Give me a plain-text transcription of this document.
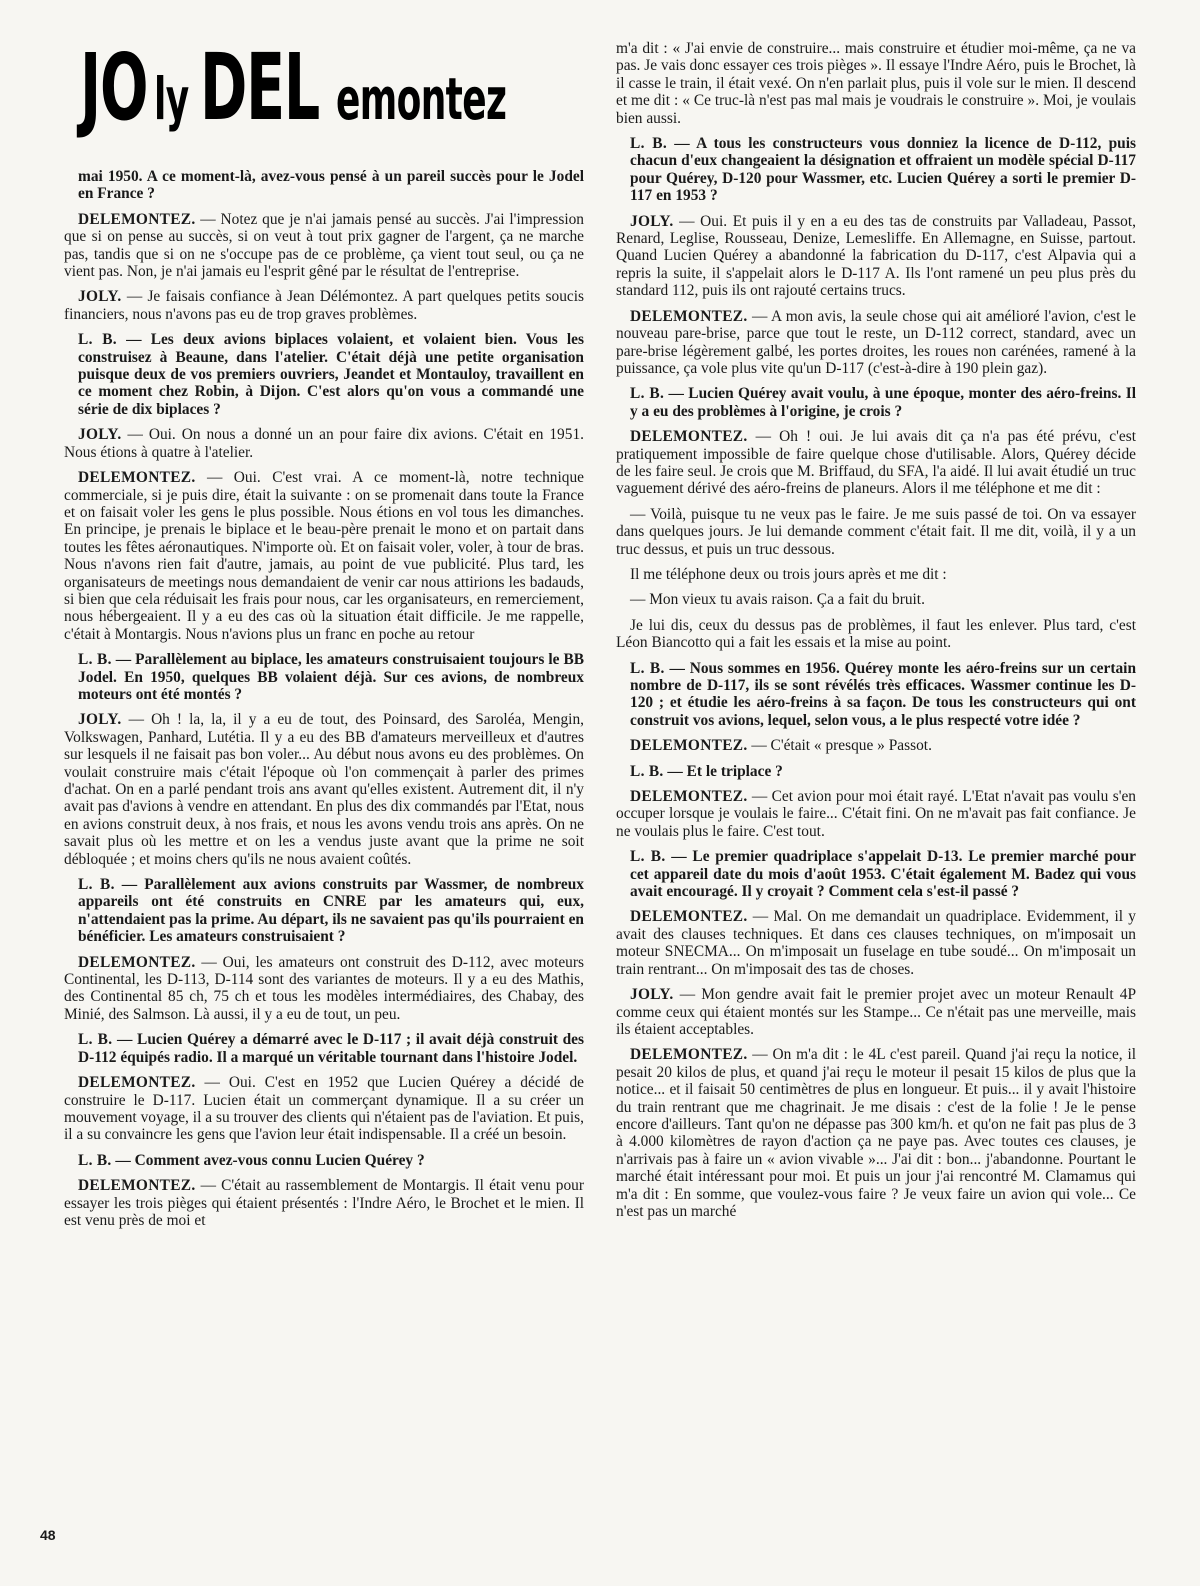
JO ly DEL emontez

mai 1950. A ce moment-là, avez-vous pensé à un pareil succès pour le Jodel en France ?

DELEMONTEZ. — Notez que je n'ai jamais pensé au succès. J'ai l'impression que si on pense au succès, si on veut à tout prix gagner de l'argent, ça ne marche pas, tandis que si on ne s'occupe pas de ce problème, ça vient tout seul, ou ça ne vient pas. Non, je n'ai jamais eu l'esprit gêné par le résultat de l'entreprise.

JOLY. — Je faisais confiance à Jean Délémontez. A part quelques petits soucis financiers, nous n'avons pas eu de trop graves problèmes.

L. B. — Les deux avions biplaces volaient, et volaient bien. Vous les construisez à Beaune, dans l'atelier. C'était déjà une petite organisation puisque deux de vos premiers ouvriers, Jeandet et Montauloy, travaillent en ce moment chez Robin, à Dijon. C'est alors qu'on vous a commandé une série de dix biplaces ?

JOLY. — Oui. On nous a donné un an pour faire dix avions. C'était en 1951. Nous étions à quatre à l'atelier.

DELEMONTEZ. — Oui. C'est vrai. A ce moment-là, notre technique commerciale, si je puis dire, était la suivante : on se promenait dans toute la France et on faisait voler les gens le plus possible. Nous étions en vol tous les dimanches. En principe, je prenais le biplace et le beau-père prenait le mono et on partait dans toutes les fêtes aéronautiques. N'importe où. Et on faisait voler, voler, à tour de bras. Nous n'avons rien fait d'autre, jamais, au point de vue publicité. Plus tard, les organisateurs de meetings nous demandaient de venir car nous attirions les badauds, si bien que cela réduisait les frais pour nous, car les organisateurs, en remerciement, nous hébergeaient. Il y a eu des cas où la situation était difficile. Je me rappelle, c'était à Montargis. Nous n'avions plus un franc en poche au retour

L. B. — Parallèlement au biplace, les amateurs construisaient toujours le BB Jodel. En 1950, quelques BB volaient déjà. Sur ces avions, de nombreux moteurs ont été montés ?

JOLY. — Oh ! la, la, il y a eu de tout, des Poinsard, des Saroléa, Mengin, Volkswagen, Panhard, Lutétia. Il y a eu des BB d'amateurs merveilleux et d'autres sur lesquels il ne faisait pas bon voler... Au début nous avons eu des problèmes. On voulait construire mais c'était l'époque où l'on commençait à parler des primes d'achat. On en a parlé pendant trois ans avant qu'elles existent. Autrement dit, il n'y avait pas d'avions à vendre en attendant. En plus des dix commandés par l'Etat, nous en avions construit deux, à nos frais, et nous les avons vendu trois ans après. On ne savait plus où les mettre et on les a vendus juste avant que la prime ne soit débloquée ; et moins chers qu'ils ne nous avaient coûtés.

L. B. — Parallèlement aux avions construits par Wassmer, de nombreux appareils ont été construits en CNRE par les amateurs qui, eux, n'attendaient pas la prime. Au départ, ils ne savaient pas qu'ils pourraient en bénéficier. Les amateurs construisaient ?

DELEMONTEZ. — Oui, les amateurs ont construit des D-112, avec moteurs Continental, les D-113, D-114 sont des variantes de moteurs. Il y a eu des Mathis, des Continental 85 ch, 75 ch et tous les modèles intermédiaires, des Chabay, des Minié, des Salmson. Là aussi, il y a eu de tout, un peu.

L. B. — Lucien Quérey a démarré avec le D-117 ; il avait déjà construit des D-112 équipés radio. Il a marqué un véritable tournant dans l'histoire Jodel.

DELEMONTEZ. — Oui. C'est en 1952 que Lucien Quérey a décidé de construire le D-117. Lucien était un commerçant dynamique. Il a su créer un mouvement voyage, il a su trouver des clients qui n'étaient pas de l'aviation. Et puis, il a su convaincre les gens que l'avion leur était indispensable. Il a créé un besoin.

L. B. — Comment avez-vous connu Lucien Quérey ?

DELEMONTEZ. — C'était au rassemblement de Montargis. Il était venu pour essayer les trois pièges qui étaient présentés : l'Indre Aéro, le Brochet et le mien. Il est venu près de moi et

m'a dit : « J'ai envie de construire... mais construire et étudier moi-même, ça ne va pas. Je vais donc essayer ces trois pièges ». Il essaye l'Indre Aéro, puis le Brochet, là il casse le train, il était vexé. On n'en parlait plus, puis il vole sur le mien. Il descend et me dit : « Ce truc-là n'est pas mal mais je voudrais le construire ». Moi, je voulais bien aussi.

L. B. — A tous les constructeurs vous donniez la licence de D-112, puis chacun d'eux changeaient la désignation et offraient un modèle spécial D-117 pour Quérey, D-120 pour Wassmer, etc. Lucien Quérey a sorti le premier D-117 en 1953 ?

JOLY. — Oui. Et puis il y en a eu des tas de construits par Valladeau, Passot, Renard, Leglise, Rousseau, Denize, Lemesliffe. En Allemagne, en Suisse, partout. Quand Lucien Quérey a abandonné la fabrication du D-117, c'est Alpavia qui a repris la suite, il s'appelait alors le D-117 A. Ils l'ont ramené un peu plus près du standard 112, puis ils ont rajouté certains trucs.

DELEMONTEZ. — A mon avis, la seule chose qui ait amélioré l'avion, c'est le nouveau pare-brise, parce que tout le reste, un D-112 correct, standard, avec un pare-brise légèrement galbé, les portes droites, les roues non carénées, ramené à la puissance, ça vole plus vite qu'un D-117 (c'est-à-dire à 190 plein gaz).

L. B. — Lucien Quérey avait voulu, à une époque, monter des aéro-freins. Il y a eu des problèmes à l'origine, je crois ?

DELEMONTEZ. — Oh ! oui. Je lui avais dit ça n'a pas été prévu, c'est pratiquement impossible de faire quelque chose d'utilisable. Alors, Quérey décide de les faire seul. Je crois que M. Briffaud, du SFA, l'a aidé. Il lui avait étudié un truc vaguement dérivé des aéro-freins de planeurs. Alors il me téléphone et me dit :

— Voilà, puisque tu ne veux pas le faire. Je me suis passé de toi. On va essayer dans quelques jours. Je lui demande comment c'était fait. Il me dit, voilà, il y a un truc dessus, et puis un truc dessous.

Il me téléphone deux ou trois jours après et me dit :

— Mon vieux tu avais raison. Ça a fait du bruit.

Je lui dis, ceux du dessus pas de problèmes, il faut les enlever. Plus tard, c'est Léon Biancotto qui a fait les essais et la mise au point.

L. B. — Nous sommes en 1956. Quérey monte les aéro-freins sur un certain nombre de D-117, ils se sont révélés très efficaces. Wassmer continue les D-120 ; et étudie les aéro-freins à sa façon. De tous les constructeurs qui ont construit vos avions, lequel, selon vous, a le plus respecté votre idée ?

DELEMONTEZ. — C'était « presque » Passot.

L. B. — Et le triplace ?

DELEMONTEZ. — Cet avion pour moi était rayé. L'Etat n'avait pas voulu s'en occuper lorsque je voulais le faire... C'était fini. On ne m'avait pas fait confiance. Je ne voulais plus le faire. C'est tout.

L. B. — Le premier quadriplace s'appelait D-13. Le premier marché pour cet appareil date du mois d'août 1953. C'était également M. Badez qui vous avait encouragé. Il y croyait ? Comment cela s'est-il passé ?

DELEMONTEZ. — Mal. On me demandait un quadriplace. Evidemment, il y avait des clauses techniques. Et dans ces clauses techniques, on m'imposait un moteur SNECMA... On m'imposait un fuselage en tube soudé... On m'imposait un train rentrant... On m'imposait des tas de choses.

JOLY. — Mon gendre avait fait le premier projet avec un moteur Renault 4P comme ceux qui étaient montés sur les Stampe... Ce n'était pas une merveille, mais ils étaient acceptables.

DELEMONTEZ. — On m'a dit : le 4L c'est pareil. Quand j'ai reçu la notice, il pesait 20 kilos de plus, et quand j'ai reçu le moteur il pesait 15 kilos de plus que la notice... et il faisait 50 centimètres de plus en longueur. Et puis... il y avait l'histoire du train rentrant que me chagrinait. Je me disais : c'est de la folie ! Je le pense encore d'ailleurs. Tant qu'on ne dépasse pas 300 km/h. et qu'on ne fait pas plus de 3 à 4.000 kilomètres de rayon d'action ça ne paye pas. Avec toutes ces clauses, je n'arrivais pas à faire un « avion vivable »... J'ai dit : bon... j'abandonne. Pourtant le marché était intéressant pour moi. Et puis un jour j'ai rencontré M. Clamamus qui m'a dit : En somme, que voulez-vous faire ? Je veux faire un avion qui vole... Ce n'est pas un marché

48
